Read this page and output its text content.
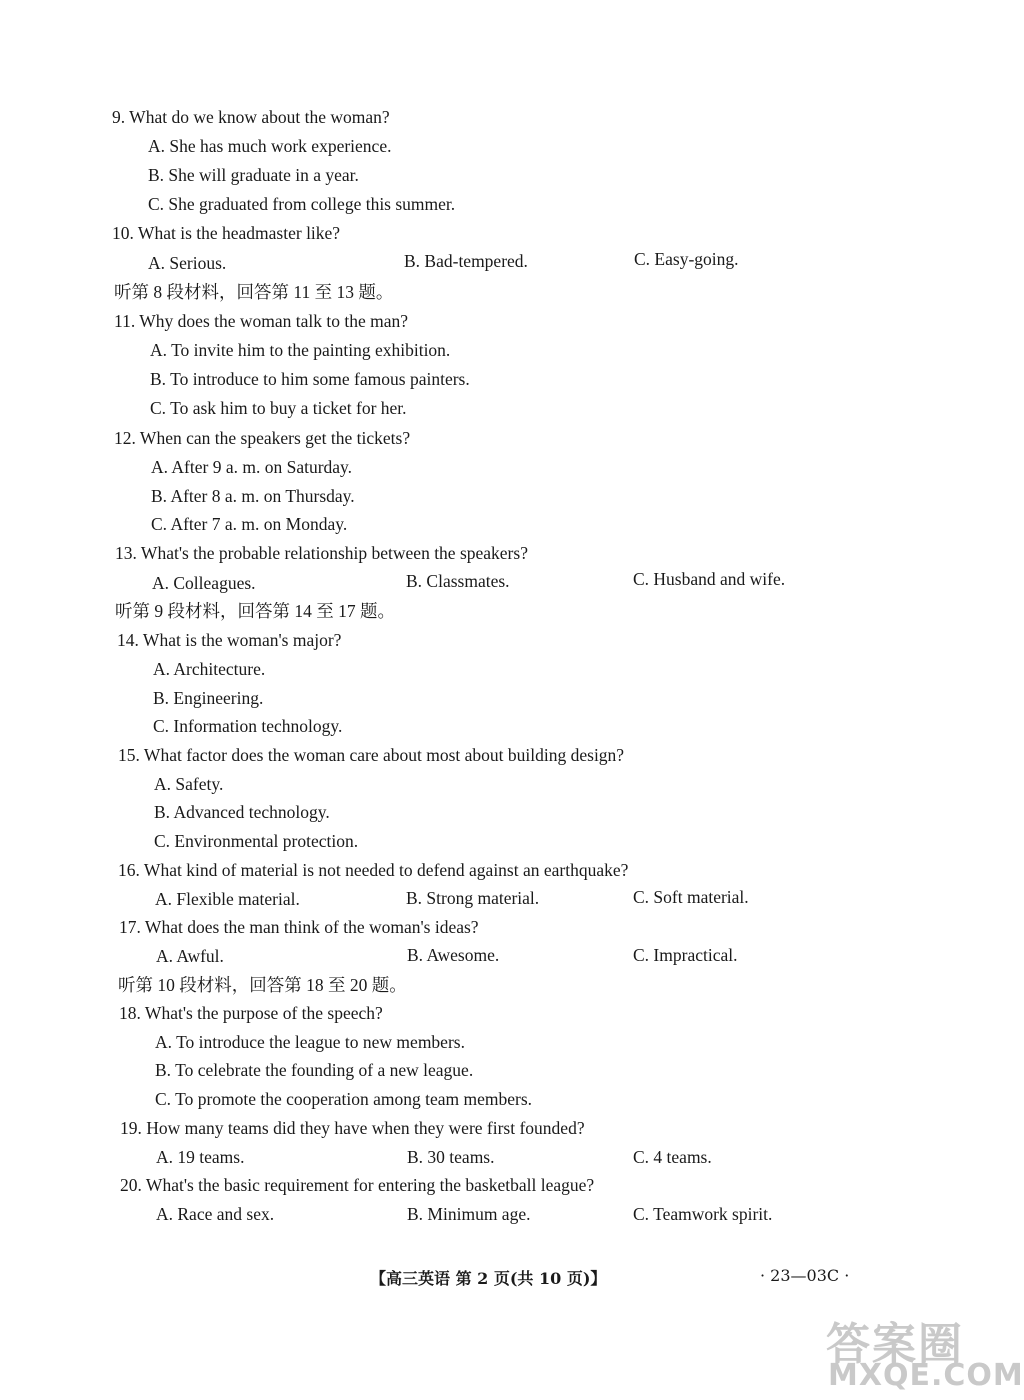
9. What do we know about the woman?
A. She has much work experience.
B. She will graduate in a year.
C. She graduated from college this summer.
10. What is the headmaster like?
A. Serious.	B. Bad-tempered.	C. Easy-going.
听第 8 段材料，回答第 11 至 13 题。
11. Why does the woman talk to the man?
A. To invite him to the painting exhibition.
B. To introduce to him some famous painters.
C. To ask him to buy a ticket for her.
12. When can the speakers get the tickets?
A. After 9 a. m. on Saturday.
B. After 8 a. m. on Thursday.
C. After 7 a. m. on Monday.
13. What's the probable relationship between the speakers?
A. Colleagues.	B. Classmates.	C. Husband and wife.
听第 9 段材料，回答第 14 至 17 题。
14. What is the woman's major?
A. Architecture.
B. Engineering.
C. Information technology.
15. What factor does the woman care about most about building design?
A. Safety.
B. Advanced technology.
C. Environmental protection.
16. What kind of material is not needed to defend against an earthquake?
A. Flexible material.	B. Strong material.	C. Soft material.
17. What does the man think of the woman's ideas?
A. Awful.	B. Awesome.	C. Impractical.
听第 10 段材料，回答第 18 至 20 题。
18. What's the purpose of the speech?
A. To introduce the league to new members.
B. To celebrate the founding of a new league.
C. To promote the cooperation among team members.
19. How many teams did they have when they were first founded?
A. 19 teams.	B. 30 teams.	C. 4 teams.
20. What's the basic requirement for entering the basketball league?
A. Race and sex.	B. Minimum age.	C. Teamwork spirit.
【高三英语 第 2 页(共 10 页)】	· 23—03C ·
答案圈
MXQE.COM
